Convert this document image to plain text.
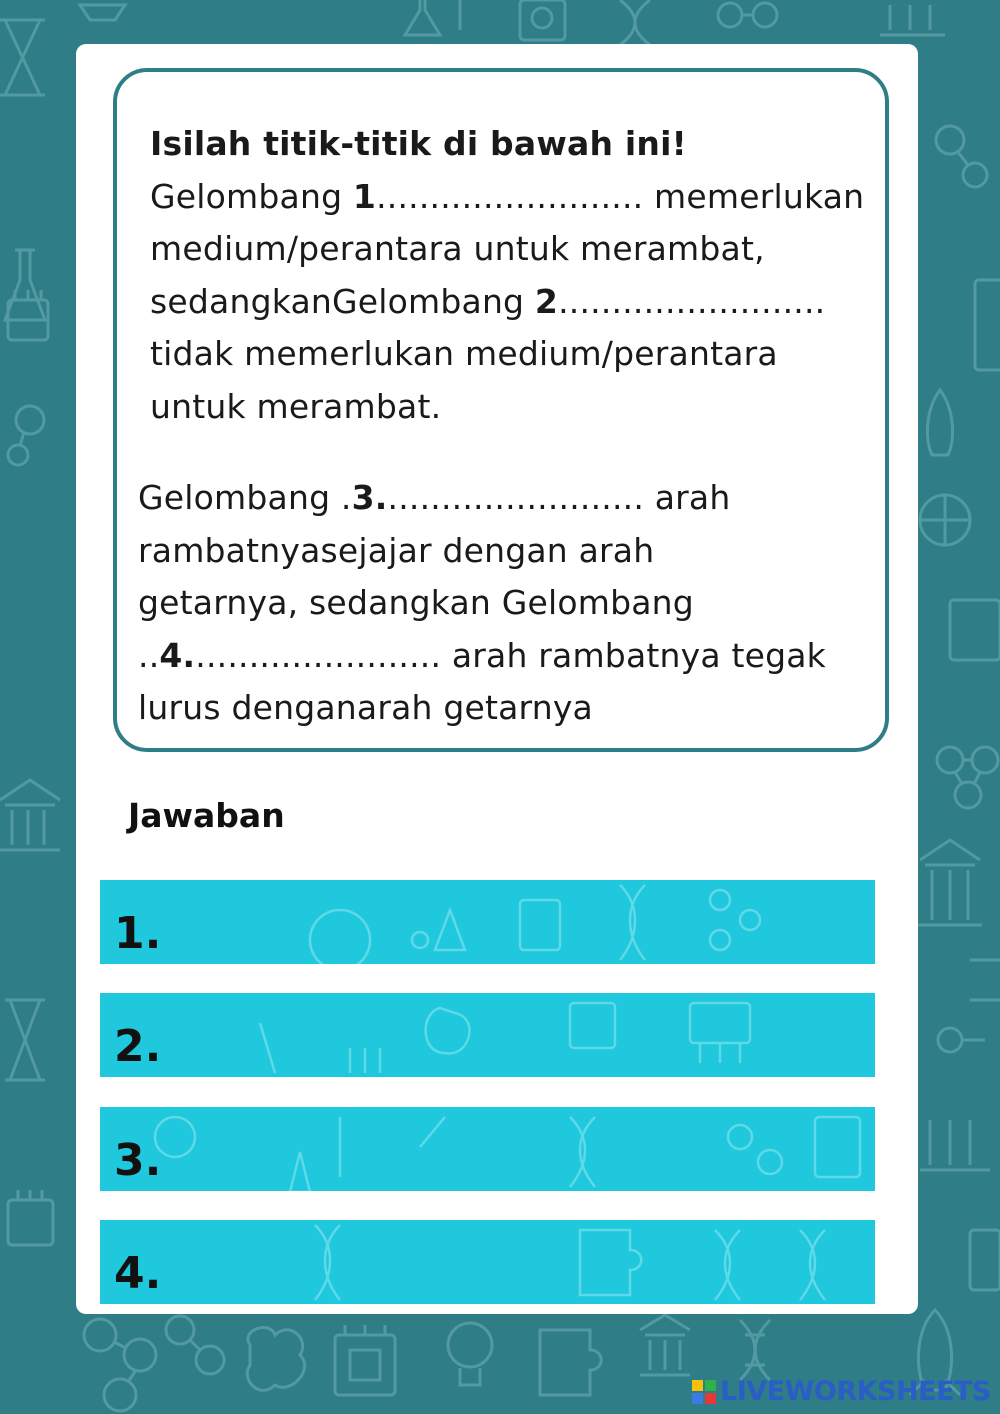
Isilah titik-titik di bawah ini!
Gelombang 1......................... memerlukan
medium/perantara untuk merambat,
sedangkanGelombang 2.........................
tidak memerlukan medium/perantara
untuk merambat.
Gelombang .3......................... arah
rambatnyasejajar dengan arah
getarnya, sedangkan Gelombang
..4........................ arah rambatnya tegak
lurus denganarah getarnya
Jawaban
1.
2.
3.
4.
LIVEWORKSHEETS
